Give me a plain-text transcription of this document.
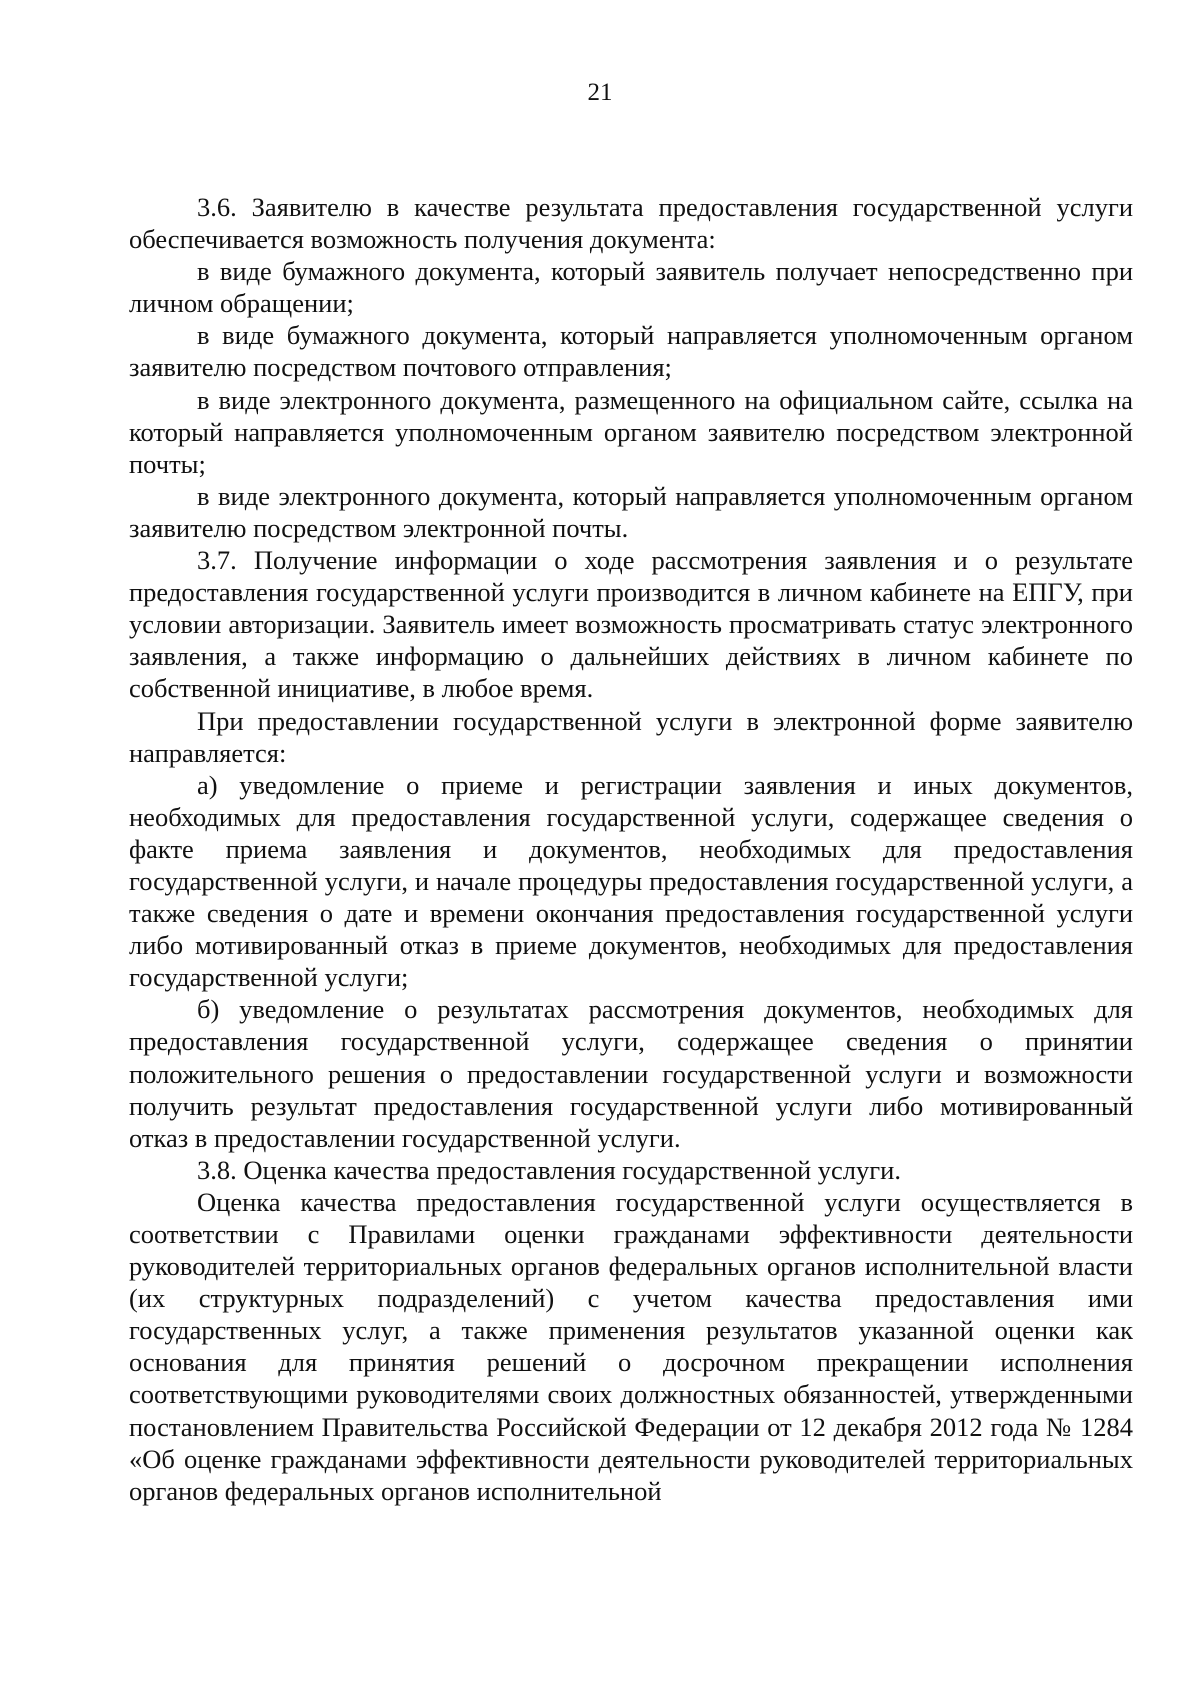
21

3.6. Заявителю в качестве результата предоставления государственной услуги обеспечивается возможность получения документа:

в виде бумажного документа, который заявитель получает непосредственно при личном обращении;

в виде бумажного документа, который направляется уполномоченным органом заявителю посредством почтового отправления;

в виде электронного документа, размещенного на официальном сайте, ссылка на который направляется уполномоченным органом заявителю посредством электронной почты;

в виде электронного документа, который направляется уполномоченным органом заявителю посредством электронной почты.

3.7. Получение информации о ходе рассмотрения заявления и о результате предоставления государственной услуги производится в личном кабинете на ЕПГУ, при условии авторизации. Заявитель имеет возможность просматривать статус электронного заявления, а также информацию о дальнейших действиях в личном кабинете по собственной инициативе, в любое время.

При предоставлении государственной услуги в электронной форме заявителю направляется:

а) уведомление о приеме и регистрации заявления и иных документов, необходимых для предоставления государственной услуги, содержащее сведения о факте приема заявления и документов, необходимых для предоставления государственной услуги, и начале процедуры предоставления государственной услуги, а также сведения о дате и времени окончания предоставления государственной услуги либо мотивированный отказ в приеме документов, необходимых для предоставления государственной услуги;

б) уведомление о результатах рассмотрения документов, необходимых для предоставления государственной услуги, содержащее сведения о принятии положительного решения о предоставлении государственной услуги и возможности получить результат предоставления государственной услуги либо мотивированный отказ в предоставлении государственной услуги.

3.8. Оценка качества предоставления государственной услуги.

Оценка качества предоставления государственной услуги осуществляется в соответствии с Правилами оценки гражданами эффективности деятельности руководителей территориальных органов федеральных органов исполнительной власти (их структурных подразделений) с учетом качества предоставления ими государственных услуг, а также применения результатов указанной оценки как основания для принятия решений о досрочном прекращении исполнения соответствующими руководителями своих должностных обязанностей, утвержденными постановлением Правительства Российской Федерации от 12 декабря 2012 года № 1284 «Об оценке гражданами эффективности деятельности руководителей территориальных органов федеральных органов исполнительной
